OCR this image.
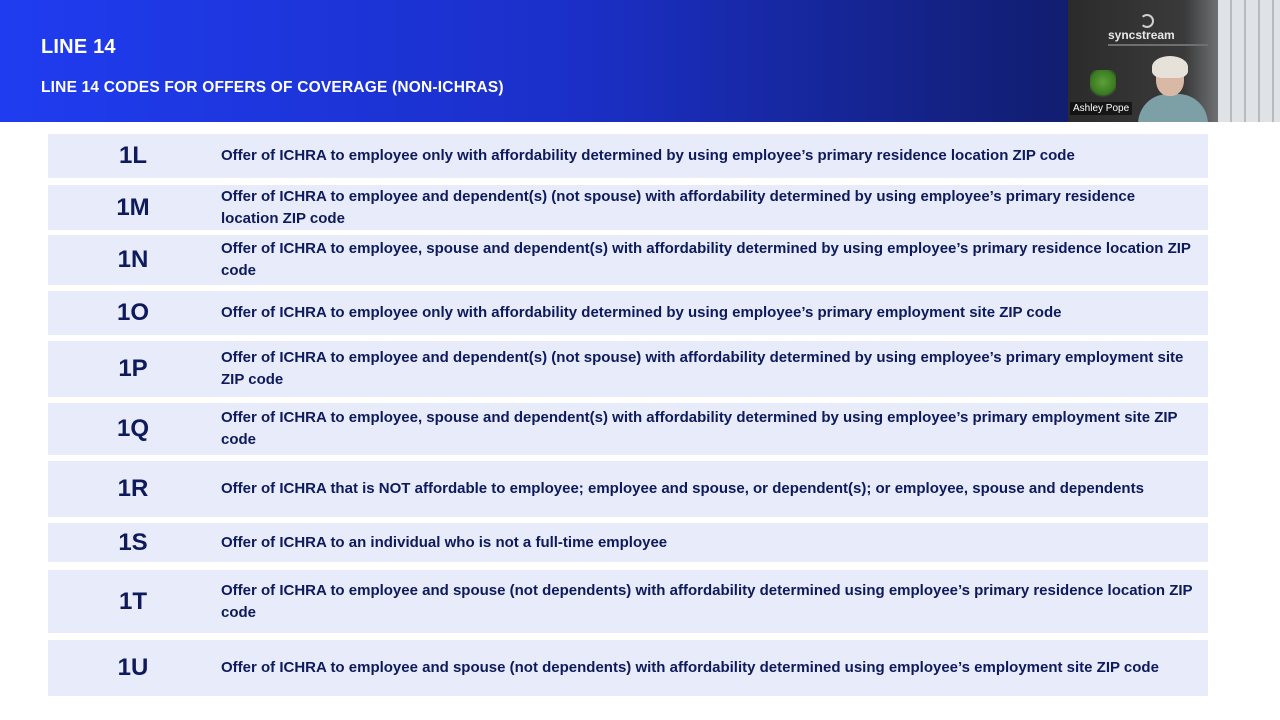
LINE 14
LINE 14 CODES FOR OFFERS OF COVERAGE (NON-ICHRAS)
syncstream
Ashley Pope
1L	Offer of ICHRA to employee only with affordability determined by using employee’s primary residence location ZIP code
1M	Offer of ICHRA to employee and dependent(s) (not spouse) with affordability determined by using employee’s primary residence location ZIP code
1N	Offer of ICHRA to employee, spouse and dependent(s) with affordability determined by using employee’s primary residence location ZIP code
1O	Offer of ICHRA to employee only with affordability determined by using employee’s primary employment site ZIP code
1P	Offer of ICHRA to employee and dependent(s) (not spouse) with affordability determined by using employee’s primary employment site ZIP code
1Q	Offer of ICHRA to employee, spouse and dependent(s) with affordability determined by using employee’s primary employment site ZIP code
1R	Offer of ICHRA that is NOT affordable to employee; employee and spouse, or dependent(s); or employee, spouse and dependents
1S	Offer of ICHRA to an individual who is not a full-time employee
1T	Offer of ICHRA to employee and spouse (not dependents) with affordability determined using employee’s primary residence location ZIP code
1U	Offer of ICHRA to employee and spouse (not dependents) with affordability determined using employee’s employment site ZIP code
